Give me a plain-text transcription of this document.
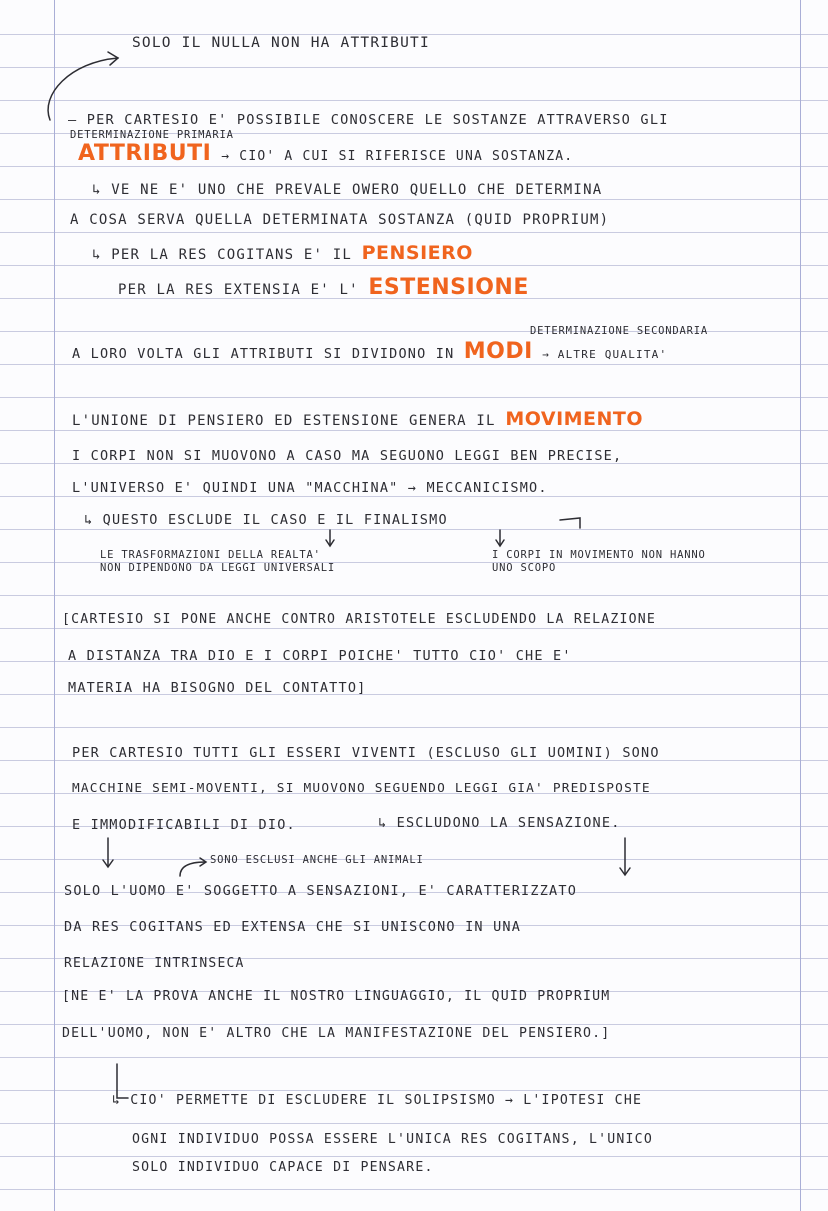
SOLO IL NULLA NON HA ATTRIBUTI
– PER CARTESIO E' POSSIBILE CONOSCERE LE SOSTANZE ATTRAVERSO GLI
DETERMINAZIONE PRIMARIA
ATTRIBUTI → CIO' A CUI SI RIFERISCE UNA SOSTANZA.
↳ VE NE E' UNO CHE PREVALE OWERO QUELLO CHE DETERMINA
A COSA SERVA QUELLA DETERMINATA SOSTANZA (QUID PROPRIUM)
↳ PER LA RES COGITANS E' IL PENSIERO
PER LA RES EXTENSIA E' L' ESTENSIONE
DETERMINAZIONE SECONDARIA
A LORO VOLTA GLI ATTRIBUTI SI DIVIDONO IN MODI → ALTRE QUALITA'
L'UNIONE DI PENSIERO ED ESTENSIONE GENERA IL MOVIMENTO
I CORPI NON SI MUOVONO A CASO MA SEGUONO LEGGI BEN PRECISE,
L'UNIVERSO E' QUINDI UNA "MACCHINA" → MECCANICISMO.
↳ QUESTO ESCLUDE IL CASO E IL FINALISMO
LE TRASFORMAZIONI DELLA REALTA'
NON DIPENDONO DA LEGGI UNIVERSALI
I CORPI IN MOVIMENTO NON HANNO
UNO SCOPO
[CARTESIO SI PONE ANCHE CONTRO ARISTOTELE ESCLUDENDO LA RELAZIONE
A DISTANZA TRA DIO E I CORPI POICHE' TUTTO CIO' CHE E'
MATERIA HA BISOGNO DEL CONTATTO]
PER CARTESIO TUTTI GLI ESSERI VIVENTI (ESCLUSO GLI UOMINI) SONO
MACCHINE SEMI-MOVENTI, SI MUOVONO SEGUENDO LEGGI GIA' PREDISPOSTE
E IMMODIFICABILI DI DIO.	↳ ESCLUDONO LA SENSAZIONE.
SONO ESCLUSI ANCHE GLI ANIMALI
SOLO L'UOMO E' SOGGETTO A SENSAZIONI, E' CARATTERIZZATO
DA RES COGITANS ED EXTENSA CHE SI UNISCONO IN UNA
RELAZIONE INTRINSECA
[NE E' LA PROVA ANCHE IL NOSTRO LINGUAGGIO, IL QUID PROPRIUM
DELL'UOMO, NON E' ALTRO CHE LA MANIFESTAZIONE DEL PENSIERO.]
↳ CIO' PERMETTE DI ESCLUDERE IL SOLIPSISMO → L'IPOTESI CHE
OGNI INDIVIDUO POSSA ESSERE L'UNICA RES COGITANS, L'UNICO
SOLO INDIVIDUO CAPACE DI PENSARE.
